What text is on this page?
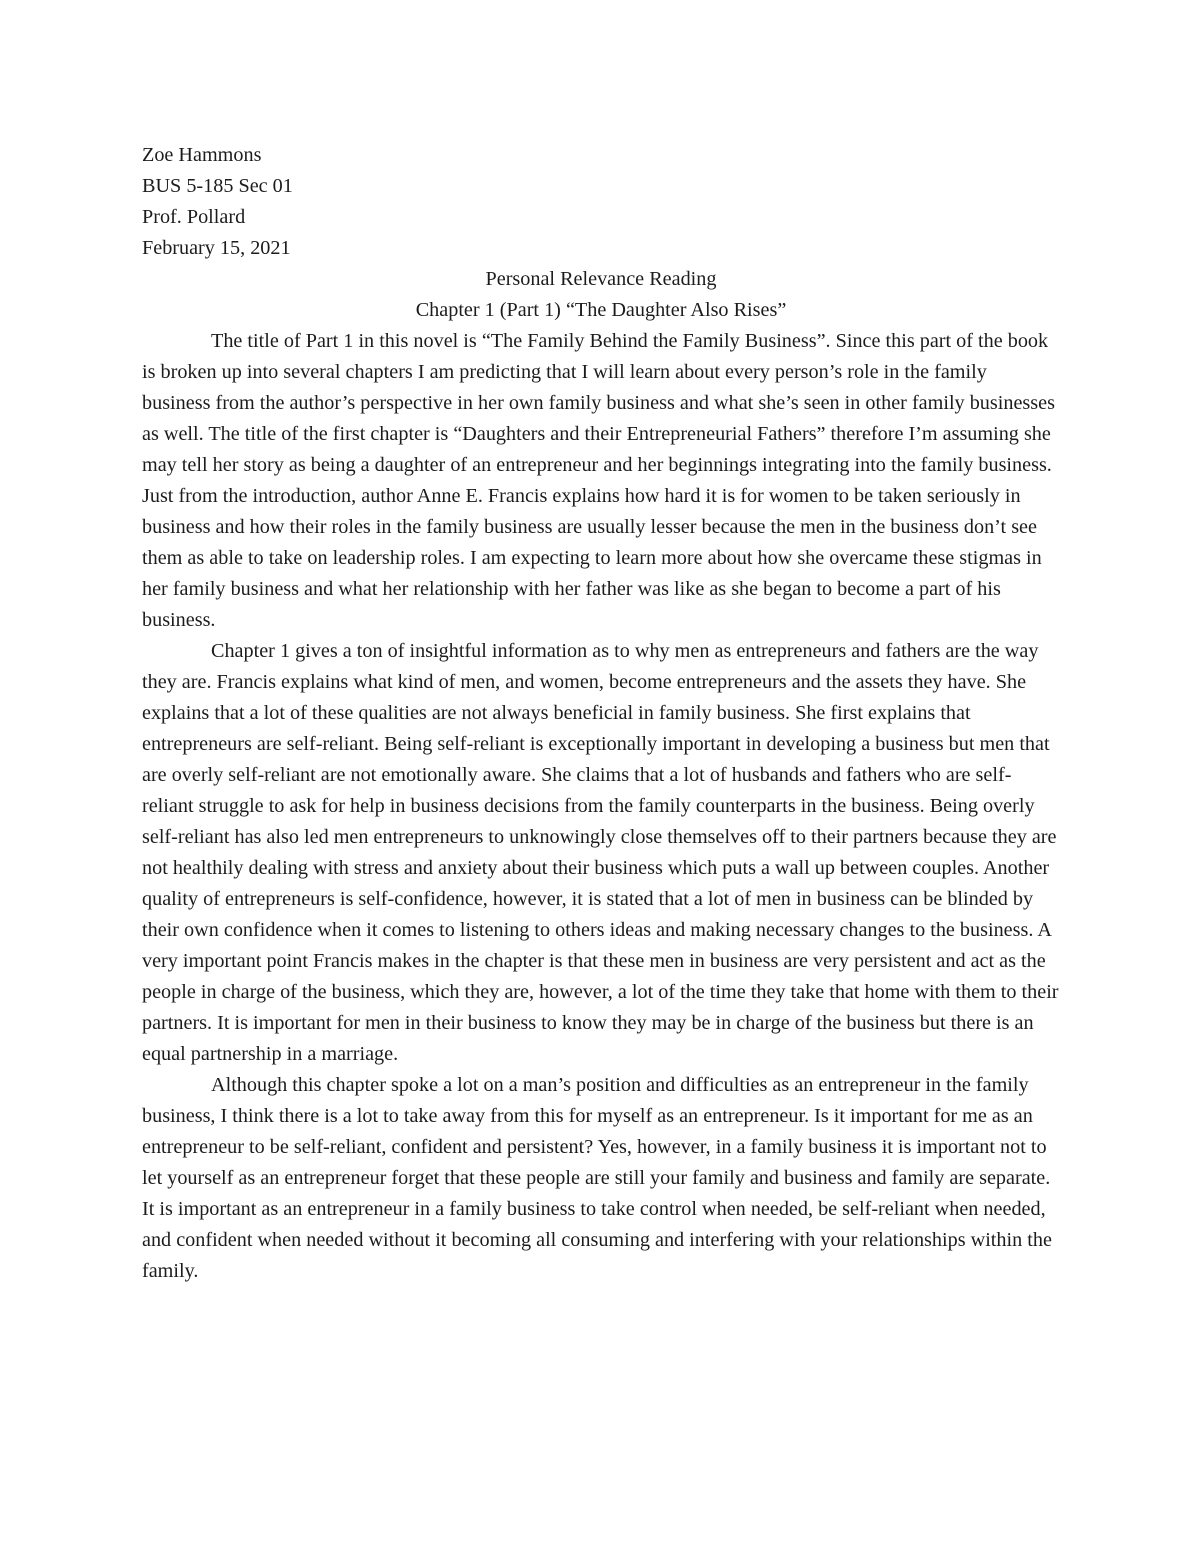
Zoe Hammons

BUS 5-185 Sec 01

Prof. Pollard

February 15, 2021

Personal Relevance Reading

Chapter 1 (Part 1) “The Daughter Also Rises”

The title of Part 1 in this novel is “The Family Behind the Family Business”. Since this part of the book is broken up into several chapters I am predicting that I will learn about every person’s role in the family business from the author’s perspective in her own family business and what she’s seen in other family businesses as well. The title of the first chapter is “Daughters and their Entrepreneurial Fathers” therefore I’m assuming she may tell her story as being a daughter of an entrepreneur and her beginnings integrating into the family business. Just from the introduction, author Anne E. Francis explains how hard it is for women to be taken seriously in business and how their roles in the family business are usually lesser because the men in the business don’t see them as able to take on leadership roles. I am expecting to learn more about how she overcame these stigmas in her family business and what her relationship with her father was like as she began to become a part of his business.

Chapter 1 gives a ton of insightful information as to why men as entrepreneurs and fathers are the way they are. Francis explains what kind of men, and women, become entrepreneurs and the assets they have. She explains that a lot of these qualities are not always beneficial in family business. She first explains that entrepreneurs are self-reliant. Being self-reliant is exceptionally important in developing a business but men that are overly self-reliant are not emotionally aware. She claims that a lot of husbands and fathers who are self-reliant struggle to ask for help in business decisions from the family counterparts in the business. Being overly self-reliant has also led men entrepreneurs to unknowingly close themselves off to their partners because they are not healthily dealing with stress and anxiety about their business which puts a wall up between couples. Another quality of entrepreneurs is self-confidence, however, it is stated that a lot of men in business can be blinded by their own confidence when it comes to listening to others ideas and making necessary changes to the business. A very important point Francis makes in the chapter is that these men in business are very persistent and act as the people in charge of the business, which they are, however, a lot of the time they take that home with them to their partners. It is important for men in their business to know they may be in charge of the business but there is an equal partnership in a marriage.

Although this chapter spoke a lot on a man’s position and difficulties as an entrepreneur in the family business, I think there is a lot to take away from this for myself as an entrepreneur. Is it important for me as an entrepreneur to be self-reliant, confident and persistent? Yes, however, in a family business it is important not to let yourself as an entrepreneur forget that these people are still your family and business and family are separate. It is important as an entrepreneur in a family business to take control when needed, be self-reliant when needed, and confident when needed without it becoming all consuming and interfering with your relationships within the family.
